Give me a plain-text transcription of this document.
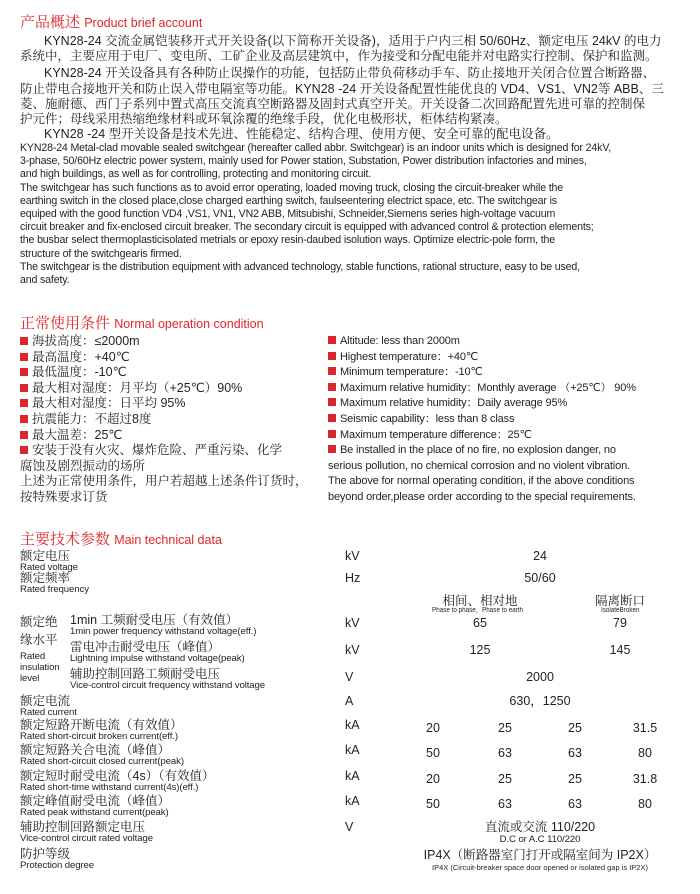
产品概述 Product brief account
KYN28-24 交流金属铠装移开式开关设备(以下简称开关设备)，适用于户内三相 50/60Hz、额定电压 24kV 的电力
系统中，主要应用于电厂、变电所、工矿企业及高层建筑中，作为接受和分配电能并对电路实行控制、保护和监测。
KYN28-24 开关设备具有各种防止误操作的功能，包括防止带负荷移动手车、防止接地开关闭合位置合断路器、
防止带电合接地开关和防止误入带电隔室等功能。KYN28 -24 开关设备配置性能优良的 VD4、VS1、VN2等 ABB、三
菱、施耐德、西门子系列中置式高压交流真空断路器及固封式真空开关。开关设备二次回路配置先进可靠的控制保
护元件；母线采用热缩绝缘材料或环氧涂覆的绝缘手段，优化电极形状，柜体结构紧凑。
KYN28 -24 型开关设备是技术先进、性能稳定、结构合理、使用方便、安全可靠的配电设备。
KYN28-24 Metal-clad movable sealed switchgear (hereafter called abbr. Switchgear) is an indoor units which is designed for 24kV,
3-phase, 50/60Hz electric power system, mainly used for Power station, Substation, Power distribution infactories and mines,
and high buildings, as well as for controlling, protecting and monitoring circuit.
The switchgear has such functions as to avoid error operating, loaded moving truck, closing the circuit-breaker while the
earthing switch in the closed place,close charged earthing switch, faulseentering electrict space, etc. The switchgear is
equiped with the good function VD4 ,VS1, VN1, VN2 ABB, Mitsubishi, Schneider,Siemens series high-voltage vacuum
circuit breaker and fix-enclosed circuit breaker. The secondary circuit is equipped with advanced control & protection elements;
the busbar select thermoplasticisolated metrials or epoxy resin-daubed isolution ways. Optimize electric-pole form, the
structure of the switchgearis firmed.
The switchgear is the distribution equipment with advanced technology, stable functions, rational structure, easy to be used,
and safety.
正常使用条件 Normal operation condition
海拔高度：≤2000m
最高温度：+40℃
最低温度：-10℃
最大相对湿度：月平均（+25℃）90%
最大相对湿度：日平均 95%
抗震能力：不超过8度
最大温差：25℃
安装于没有火灾、爆炸危险、严重污染、化学
腐蚀及剧烈振动的场所
上述为正常使用条件，用户若超越上述条件订货时，
按特殊要求订货
Altitude: less than 2000m
Highest temperature：+40℃
Minimum temperature：-10℃
Maximum relative humidity：Monthly average （+25℃） 90%
Maximum relative humidity：Daily average 95%
Seismic capability：less than 8 class
Maximum temperature difference：25℃
Be installed in the place of no fire, no explosion danger, no
serious pollution, no chemical corrosion and no violent vibration.
The above for normal operating condition, if the above conditions
beyond order,please order according to the special requirements.
主要技术参数 Main technical data
额定电压
Rated voltage
kV	24
额定频率
Rated frequency
Hz	50/60
相间、相对地	隔离断口
Phase to phase，Phase to earth	IsolateBroken
额定绝
缘水平
Rated
insulation
level
1min 工频耐受电压（有效值）
1min power frequency withstand voltage(eff.)
kV	65	79
雷电冲击耐受电压（峰值）
Lightning impulse withstand voltage(peak)
kV	125	145
辅助控制回路工频耐受电压
Vice-control circuit frequency withstand voltage
V	2000
额定电流
Rated current
A	630，1250
额定短路开断电流（有效值）
Rated short-circuit broken current(eff.)
kA	20	25	25	31.5
额定短路关合电流（峰值）
Rated short-circuit closed current(peak)
kA	50	63	63	80
额定短时耐受电流（4s）（有效值）
Rated short-time withstand current(4s)(eff.)
kA	20	25	25	31.8
额定峰值耐受电流（峰值）
Rated peak withstand current(peak)
kA	50	63	63	80
辅助控制回路额定电压
Vice-control circuit rated voltage
V	直流或交流 110/220
D.C or A.C 110/220
防护等级
Protection degree
IP4X（断路器室门打开或隔室间为 IP2X）
IP4X (Circuit-breaker space door opened or isolated gap is IP2X)
